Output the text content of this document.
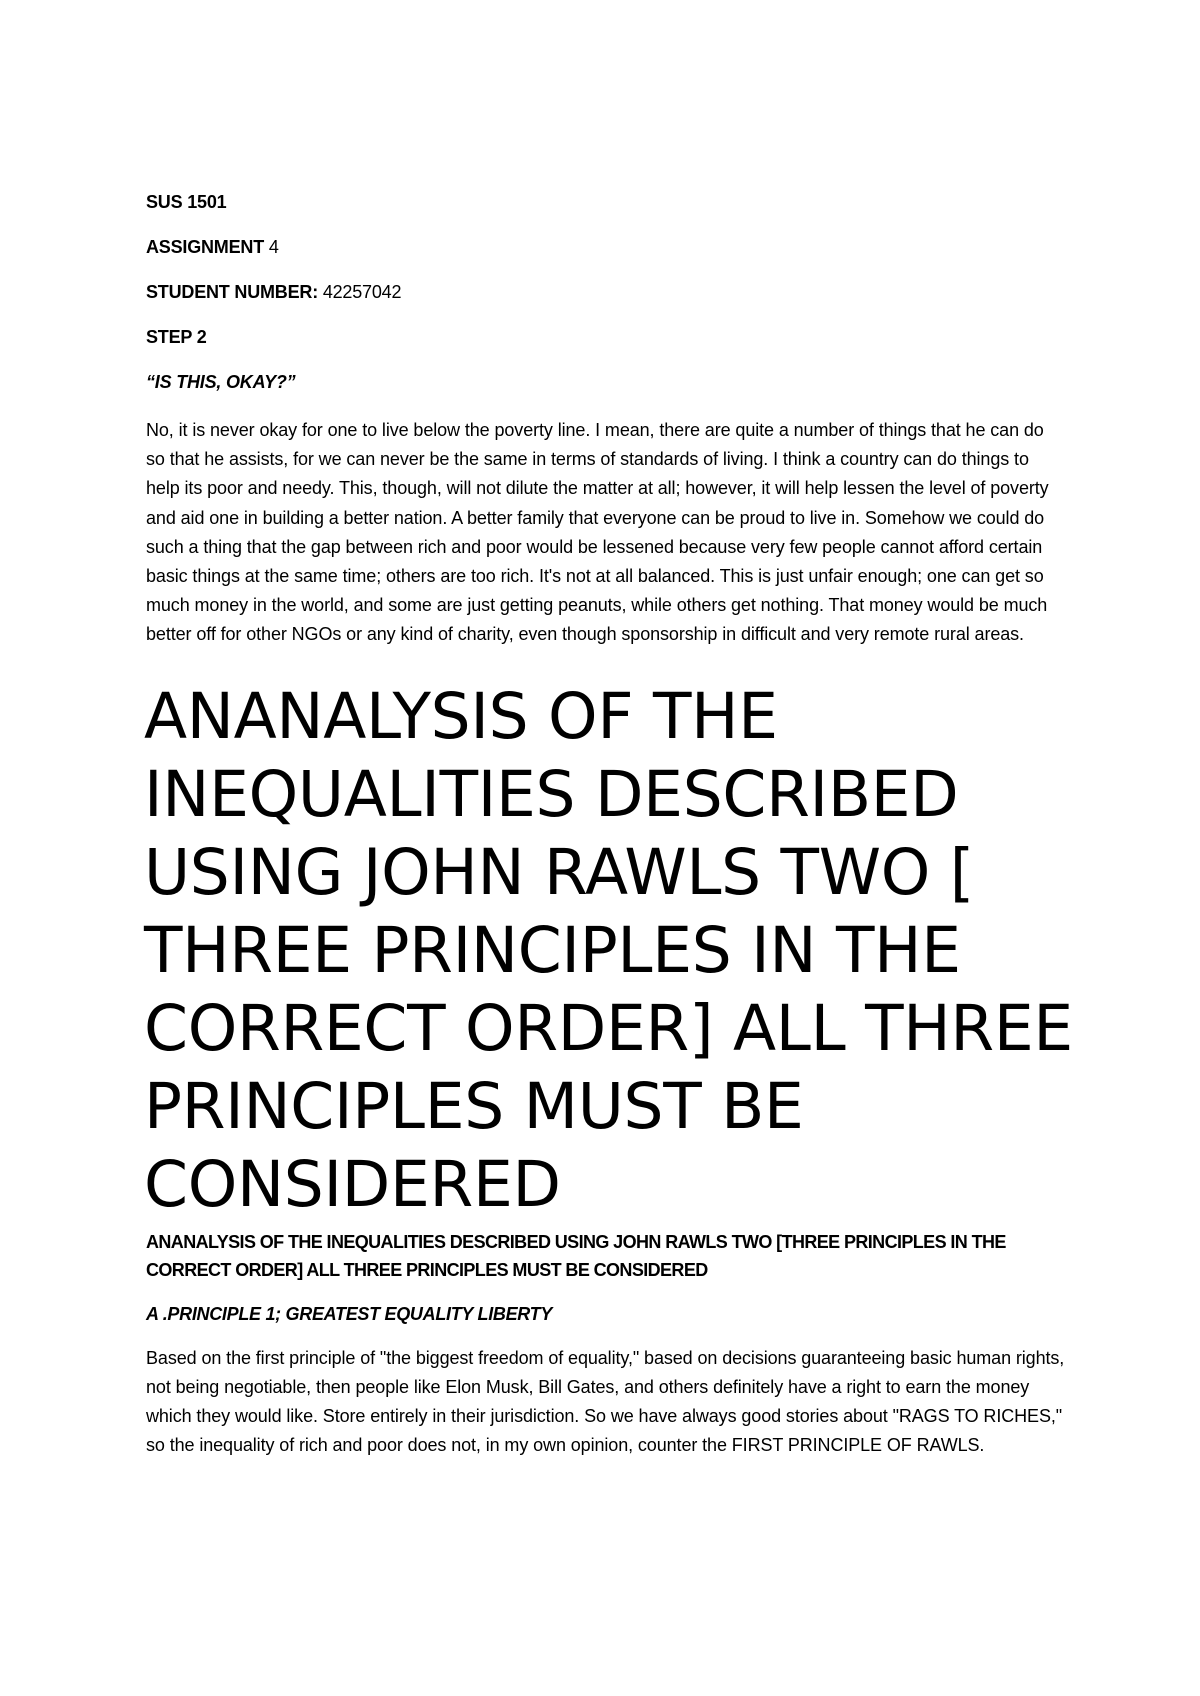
SUS 1501
ASSIGNMENT 4
STUDENT NUMBER: 42257042
STEP 2
“IS THIS, OKAY?”

No, it is never okay for one to live below the poverty line. I mean, there are quite a number of things that he can do so that he assists, for we can never be the same in terms of standards of living. I think a country can do things to help its poor and needy. This, though, will not dilute the matter at all; however, it will help lessen the level of poverty and aid one in building a better nation. A better family that everyone can be proud to live in. Somehow we could do such a thing that the gap between rich and poor would be lessened because very few people cannot afford certain basic things at the same time; others are too rich. It's not at all balanced. This is just unfair enough; one can get so much money in the world, and some are just getting peanuts, while others get nothing. That money would be much better off for other NGOs or any kind of charity, even though sponsorship in difficult and very remote rural areas.

ANANALYSIS OF THE INEQUALITIES DESCRIBED USING JOHN RAWLS TWO [ THREE PRINCIPLES IN THE CORRECT ORDER] ALL THREE PRINCIPLES MUST BE CONSIDERED
ANANALYSIS OF THE INEQUALITIES DESCRIBED USING JOHN RAWLS TWO [THREE PRINCIPLES IN THE CORRECT ORDER] ALL THREE PRINCIPLES MUST BE CONSIDERED
A .PRINCIPLE 1; GREATEST EQUALITY LIBERTY

Based on the first principle of "the biggest freedom of equality," based on decisions guaranteeing basic human rights, not being negotiable, then people like Elon Musk, Bill Gates, and others definitely have a right to earn the money which they would like. Store entirely in their jurisdiction. So we have always good stories about "RAGS TO RICHES," so the inequality of rich and poor does not, in my own opinion, counter the FIRST PRINCIPLE OF RAWLS.
